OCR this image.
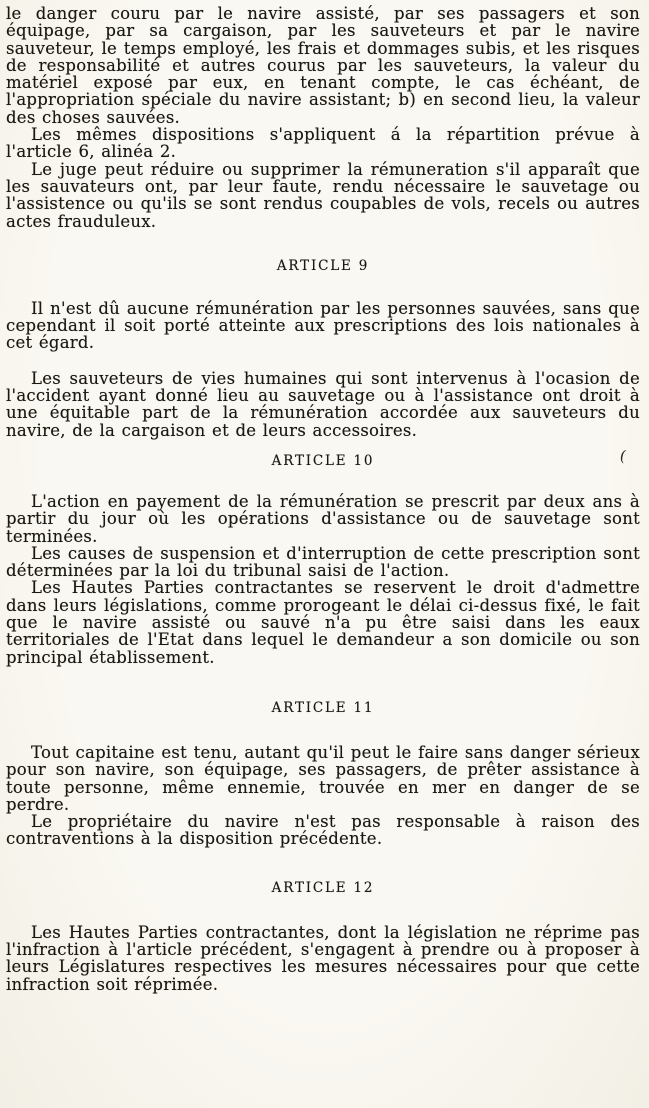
le danger couru par le navire assisté, par ses passagers et son équipage, par sa cargaison, par les sauveteurs et par le navire sauveteur, le temps employé, les frais et dommages subis, et les risques de responsabilité et autres courus par les sauveteurs, la valeur du matériel exposé par eux, en tenant compte, le cas échéant, de l'appropriation spéciale du navire assistant; b) en second lieu, la valeur des choses sauvées.

Les mêmes dispositions s'appliquent á la répartition prévue à l'article 6, alinéa 2.

Le juge peut réduire ou supprimer la rémuneration s'il apparaît que les sauvateurs ont, par leur faute, rendu nécessaire le sauvetage ou l'assistence ou qu'ils se sont rendus coupables de vols, recels ou autres actes frauduleux.

ARTICLE 9

Il n'est dû aucune rémunération par les personnes sauvées, sans que cependant il soit porté atteinte aux prescriptions des lois nationales à cet égard.

Les sauveteurs de vies humaines qui sont intervenus à l'ocasion de l'accident ayant donné lieu au sauvetage ou à l'assistance ont droit à une équitable part de la rémunération accordée aux sauveteurs du navire, de la cargaison et de leurs accessoires.

ARTICLE 10	(

L'action en payement de la rémunération se prescrit par deux ans à partir du jour où les opérations d'assistance ou de sauvetage sont terminées.

Les causes de suspension et d'interruption de cette prescription sont déterminées par la loi du tribunal saisi de l'action.

Les Hautes Parties contractantes se reservent le droit d'admettre dans leurs législations, comme prorogeant le délai ci-dessus fixé, le fait que le navire assisté ou sauvé n'a pu être saisi dans les eaux territoriales de l'Etat dans lequel le demandeur a son domicile ou son principal établissement.

ARTICLE 11

Tout capitaine est tenu, autant qu'il peut le faire sans danger sérieux pour son navire, son équipage, ses passagers, de prêter assistance à toute personne, même ennemie, trouvée en mer en danger de se perdre.

Le propriétaire du navire n'est pas responsable à raison des contraventions à la disposition précédente.

ARTICLE 12

Les Hautes Parties contractantes, dont la législation ne réprime pas l'infraction à l'article précédent, s'engagent à prendre ou à proposer à leurs Législatures respectives les mesures nécessaires pour que cette infraction soit réprimée.
